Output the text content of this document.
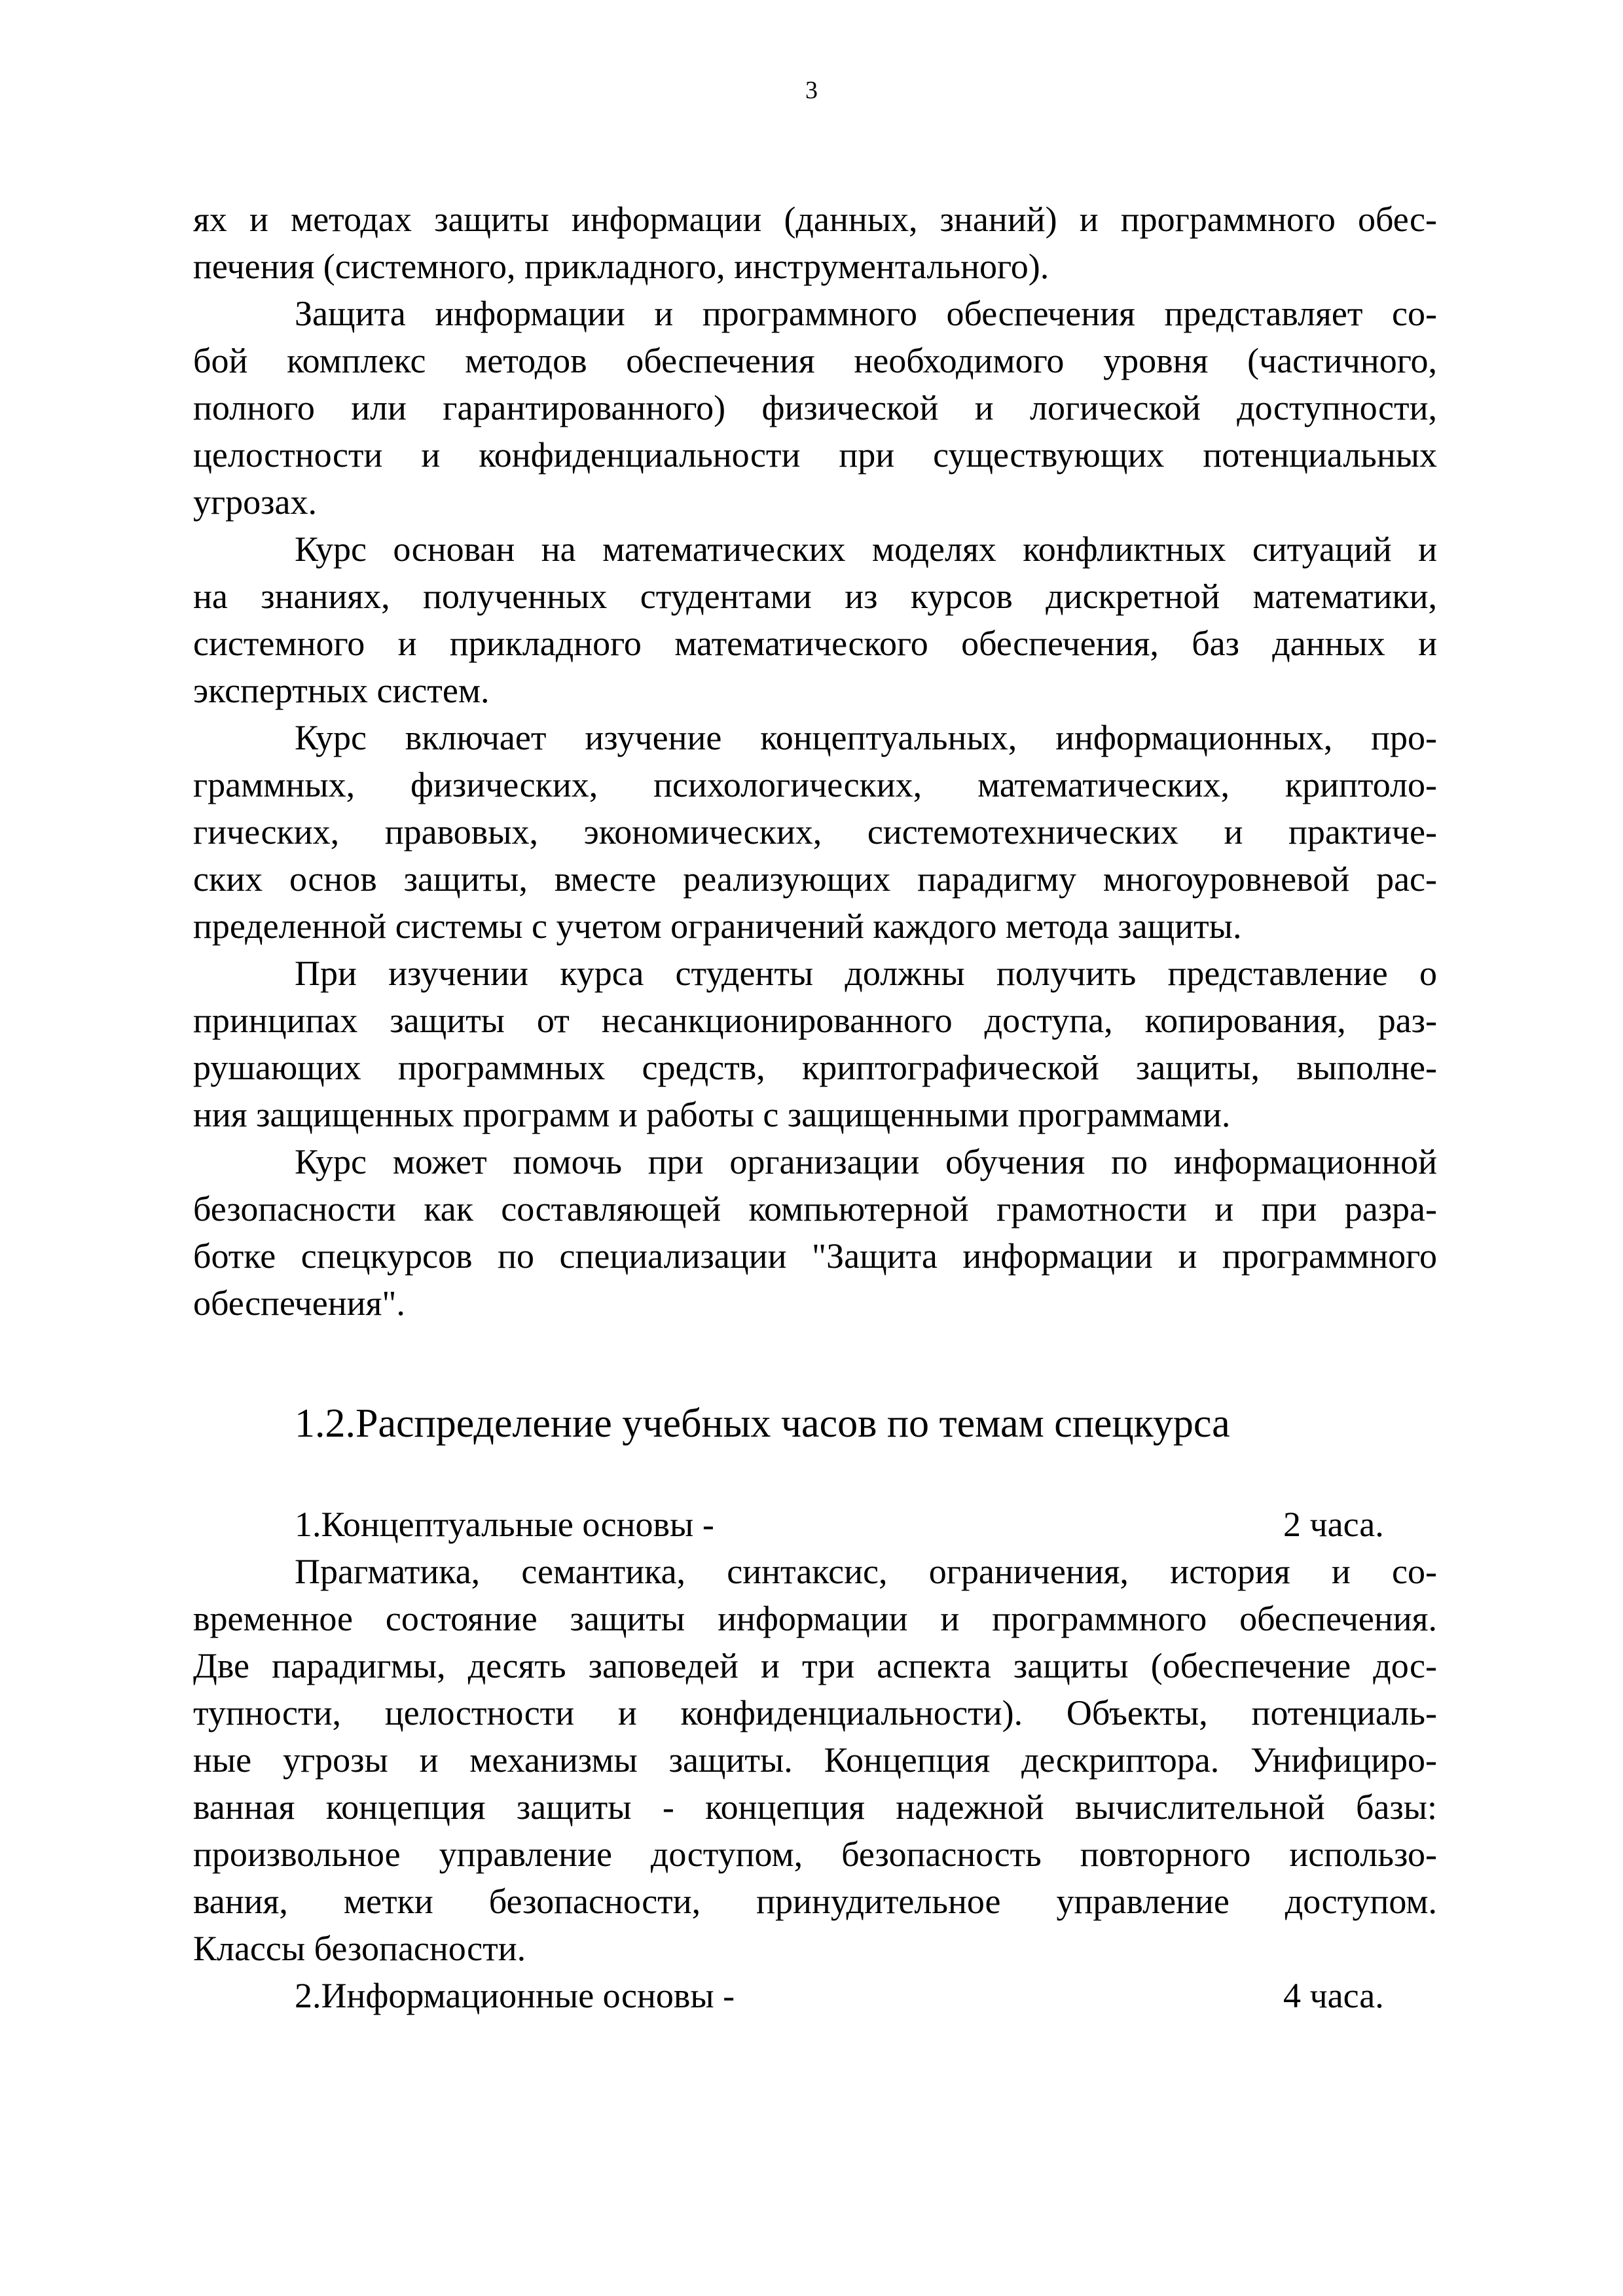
3
ях и методах защиты информации (данных, знаний) и программного обес-
печения (системного, прикладного, инструментального).
Защита информации и программного обеспечения представляет со-
бой комплекс методов обеспечения необходимого уровня (частичного,
полного или гарантированного) физической и логической доступности,
целостности и конфиденциальности при существующих потенциальных
угрозах.
Курс основан на математических моделях конфликтных ситуаций и
на знаниях, полученных студентами из курсов дискретной математики,
системного и прикладного математического обеспечения, баз данных и
экспертных систем.
Курс включает изучение концептуальных, информационных, про-
граммных, физических, психологических, математических, криптоло-
гических, правовых, экономических, системотехнических и практиче-
ских основ защиты, вместе реализующих парадигму многоуровневой рас-
пределенной системы с учетом ограничений каждого метода защиты.
При изучении курса студенты должны получить представление о
принципах защиты от несанкционированного доступа, копирования, раз-
рушающих программных средств, криптографической защиты, выполне-
ния защищенных программ и работы с защищенными программами.
Курс может помочь при организации обучения по информационной
безопасности как составляющей компьютерной грамотности и при разра-
ботке спецкурсов по специализации "Защита информации и программного
обеспечения".
1.2.Распределение учебных часов по темам спецкурса
1.Концептуальные основы -	2 часа.
Прагматика, семантика, синтаксис, ограничения, история и со-
временное состояние защиты информации и программного обеспечения.
Две парадигмы, десять заповедей и три аспекта защиты (обеспечение дос-
тупности, целостности и конфиденциальности). Объекты, потенциаль-
ные угрозы и механизмы защиты. Концепция дескриптора. Унифициро-
ванная концепция защиты - концепция надежной вычислительной базы:
произвольное управление доступом, безопасность повторного использо-
вания, метки безопасности, принудительное управление доступом.
Классы безопасности.
2.Информационные основы -	4 часа.
